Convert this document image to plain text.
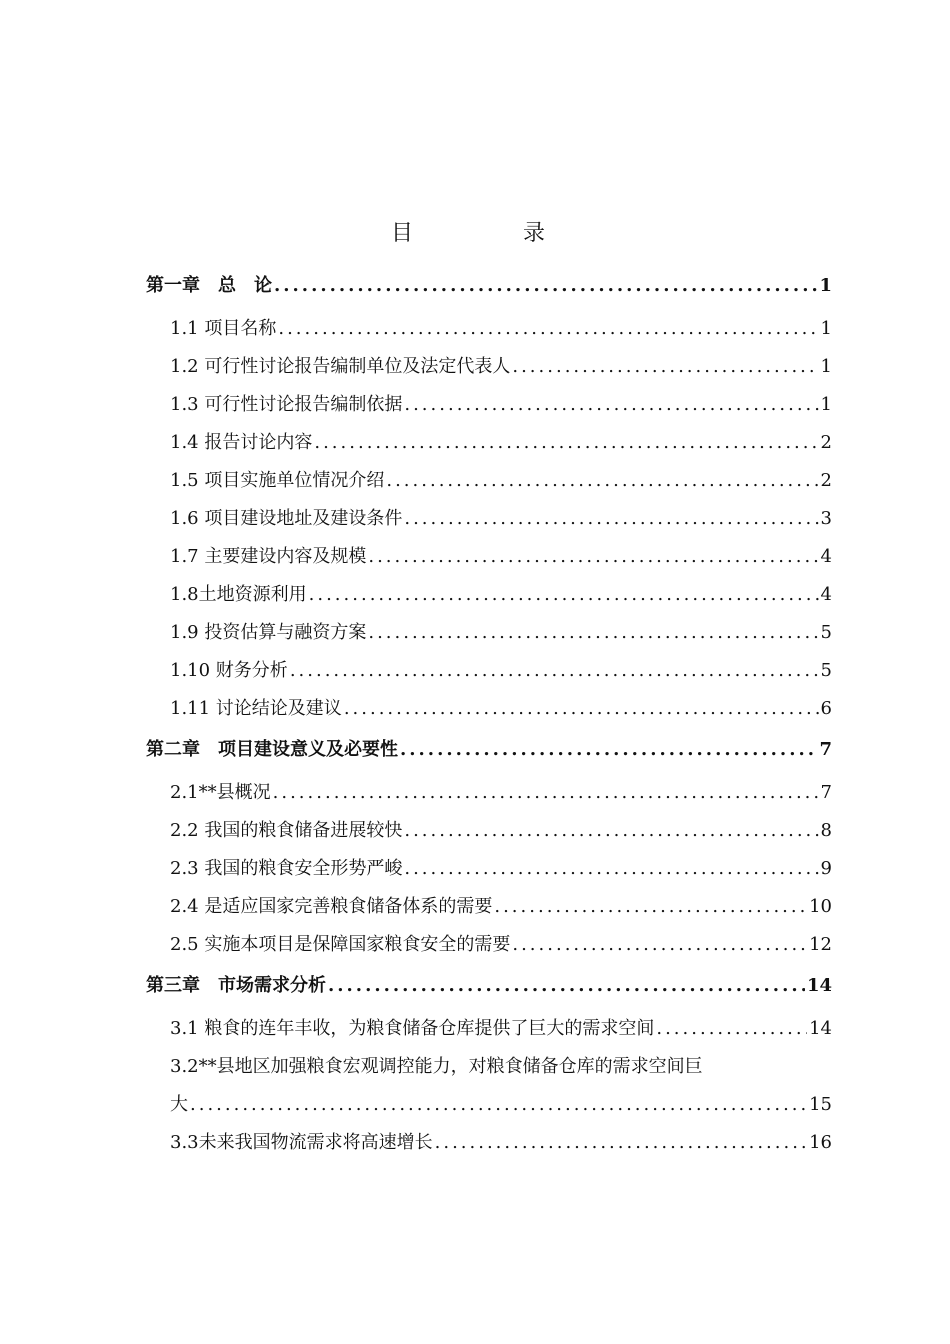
目　录
第一章　总　论 .....	1
1.1 项目名称 .....	1
1.2 可行性讨论报告编制单位及法定代表人 .....	1
1.3 可行性讨论报告编制依据 .....	1
1.4 报告讨论内容 .....	2
1.5 项目实施单位情况介绍 .....	2
1.6 项目建设地址及建设条件 .....	3
1.7 主要建设内容及规模 .....	4
1.8土地资源利用 .....	4
1.9 投资估算与融资方案 .....	5
1.10 财务分析 .....	5
1.11 讨论结论及建议 .....	6
第二章　项目建设意义及必要性 .....	7
2.1**县概况 .....	7
2.2 我国的粮食储备进展较快 .....	8
2.3 我国的粮食安全形势严峻 .....	9
2.4 是适应国家完善粮食储备体系的需要 .....	10
2.5 实施本项目是保障国家粮食安全的需要 .....	12
第三章　市场需求分析 .....	14
3.1 粮食的连年丰收，为粮食储备仓库提供了巨大的需求空间 .....	14
3.2**县地区加强粮食宏观调控能力，对粮食储备仓库的需求空间巨
大 .....	15
3.3未来我国物流需求将高速增长 .....	16
